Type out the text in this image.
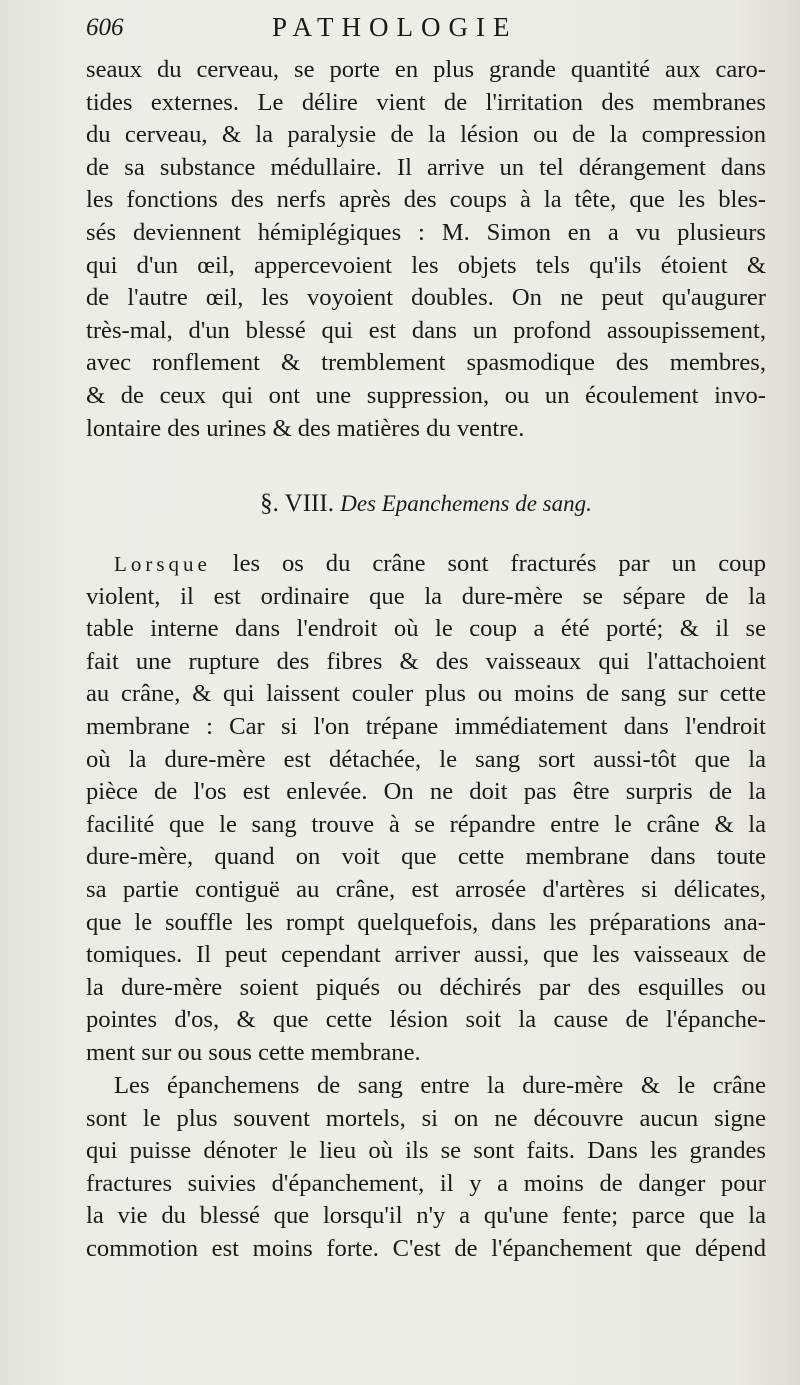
606	PATHOLOGIE
seaux du cerveau, se porte en plus grande quantité aux caro-
tides externes. Le délire vient de l'irritation des membranes
du cerveau, & la paralysie de la lésion ou de la compression
de sa substance médullaire. Il arrive un tel dérangement dans
les fonctions des nerfs après des coups à la tête, que les bles-
sés deviennent hémiplégiques : M. Simon en a vu plusieurs
qui d'un œil, appercevoient les objets tels qu'ils étoient &
de l'autre œil, les voyoient doubles. On ne peut qu'augurer
très-mal, d'un blessé qui est dans un profond assoupissement,
avec ronflement & tremblement spasmodique des membres,
& de ceux qui ont une suppression, ou un écoulement invo-
lontaire des urines & des matières du ventre.
§. VIII. Des Epanchemens de sang.
Lorsque les os du crâne sont fracturés par un coup
violent, il est ordinaire que la dure-mère se sépare de la
table interne dans l'endroit où le coup a été porté; & il se
fait une rupture des fibres & des vaisseaux qui l'attachoient
au crâne, & qui laissent couler plus ou moins de sang sur cette
membrane : Car si l'on trépane immédiatement dans l'endroit
où la dure-mère est détachée, le sang sort aussi-tôt que la
pièce de l'os est enlevée. On ne doit pas être surpris de la
facilité que le sang trouve à se répandre entre le crâne & la
dure-mère, quand on voit que cette membrane dans toute
sa partie contiguë au crâne, est arrosée d'artères si délicates,
que le souffle les rompt quelquefois, dans les préparations ana-
tomiques. Il peut cependant arriver aussi, que les vaisseaux de
la dure-mère soient piqués ou déchirés par des esquilles ou
pointes d'os, & que cette lésion soit la cause de l'épanche-
ment sur ou sous cette membrane.
Les épanchemens de sang entre la dure-mère & le crâne
sont le plus souvent mortels, si on ne découvre aucun signe
qui puisse dénoter le lieu où ils se sont faits. Dans les grandes
fractures suivies d'épanchement, il y a moins de danger pour
la vie du blessé que lorsqu'il n'y a qu'une fente; parce que la
commotion est moins forte. C'est de l'épanchement que dépend
